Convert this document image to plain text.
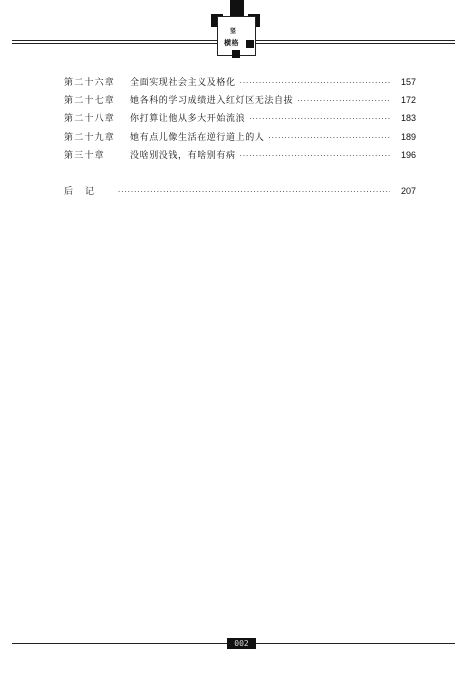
竖
横格
第二十六章	全面实现社会主义及格化 ·····	157
第二十七章	她各科的学习成绩进入红灯区无法自拔 ·····	172
第二十八章	你打算让他从多大开始流浪 ·····	183
第二十九章	她有点儿像生活在逆行道上的人 ·····	189
第三十章	没啥别没钱，有啥别有病 ·····	196
后记 ·····	207
002
